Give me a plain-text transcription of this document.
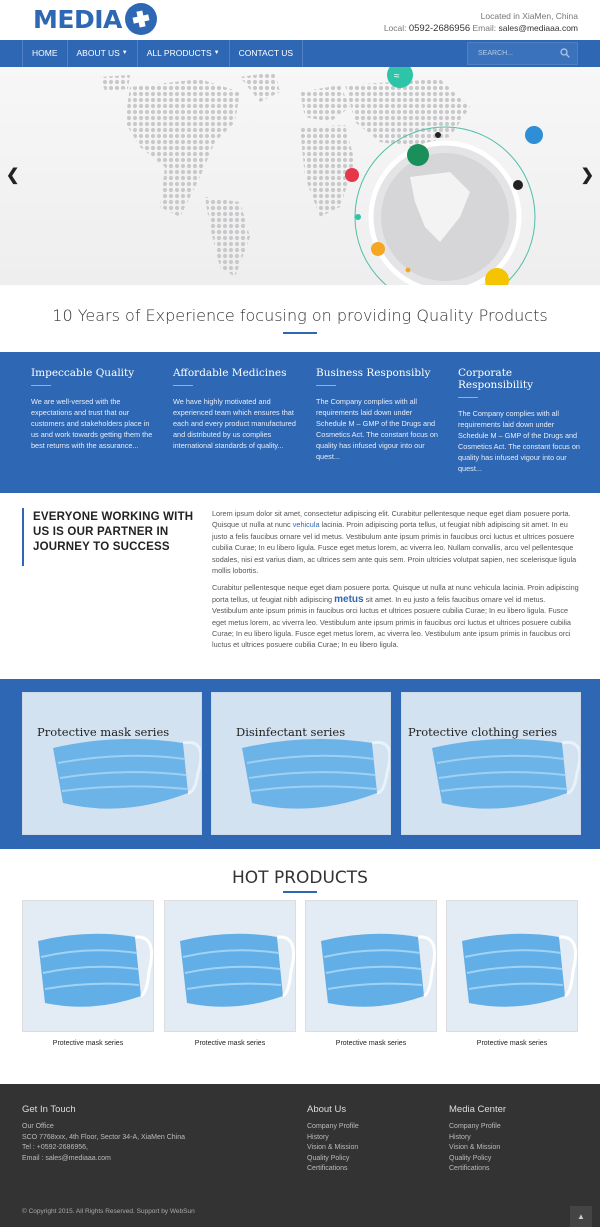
MEDIA	Located in XiaMen, China
Local: 0592-2686956 Email: sales@mediaaa.com
HOME ABOUT US ▼ ALL PRODUCTS ▼ CONTACT US
SEARCH...
≈
❮	❯
10 Years of Experience focusing on providing Quality Products
Impeccable Quality

We are well-versed with the expectations and trust that our customers and stakeholders place in us and work towards getting them the best returns with the assurance...

Affordable Medicines

We have highly motivated and experienced team which ensures that each and every product manufactured and distributed by us complies international standards of quality...

Business Responsibly

The Company complies with all requirements laid down under Schedule M – GMP of the Drugs and Cosmetics Act. The constant focus on quality has infused vigour into our quest...

Corporate Responsibility

The Company complies with all requirements laid down under Schedule M – GMP of the Drugs and Cosmetics Act. The constant focus on quality has infused vigour into our quest...

EVERYONE WORKING WITH US IS OUR PARTNER IN JOURNEY TO SUCCESS

Lorem ipsum dolor sit amet, consectetur adipiscing elit. Curabitur pellentesque neque eget diam posuere porta. Quisque ut nulla at nunc vehicula lacinia. Proin adipiscing porta tellus, ut feugiat nibh adipiscing sit amet. In eu justo a felis faucibus ornare vel id metus. Vestibulum ante ipsum primis in faucibus orci luctus et ultrices posuere cubilia Curae; In eu libero ligula. Fusce eget metus lorem, ac viverra leo. Nullam convallis, arcu vel pellentesque sodales, nisi est varius diam, ac ultrices sem ante quis sem. Proin ultricies volutpat sapien, nec scelerisque ligula mollis lobortis.

Curabitur pellentesque neque eget diam posuere porta. Quisque ut nulla at nunc vehicula lacinia. Proin adipiscing porta tellus, ut feugiat nibh adipiscing metus sit amet. In eu justo a felis faucibus ornare vel id metus. Vestibulum ante ipsum primis in faucibus orci luctus et ultrices posuere cubilia Curae; In eu libero ligula. Fusce eget metus lorem, ac viverra leo. Vestibulum ante ipsum primis in faucibus orci luctus et ultrices posuere cubilia Curae; In eu libero ligula. Fusce eget metus lorem, ac viverra leo. Vestibulum ante ipsum primis in faucibus orci luctus et ultrices posuere cubilia Curae; In eu libero ligula.

Protective mask series	Disinfectant series	Protective clothing series
HOT PRODUCTS
Protective mask series	Protective mask series	Protective mask series	Protective mask series
Get In Touch
Our Office
SCO 7768xxx, 4th Floor, Sector 34-A, XiaMen China
Tel : +0592-2686956,
Email : sales@mediaaa.com
About Us
Company Profile
History
Vision & Mission
Quality Policy
Certifications
Media Center
Company Profile
History
Vision & Mission
Quality Policy
Certifications
© Copyright 2015. All Rights Reserved. Support by WebSun
▲
